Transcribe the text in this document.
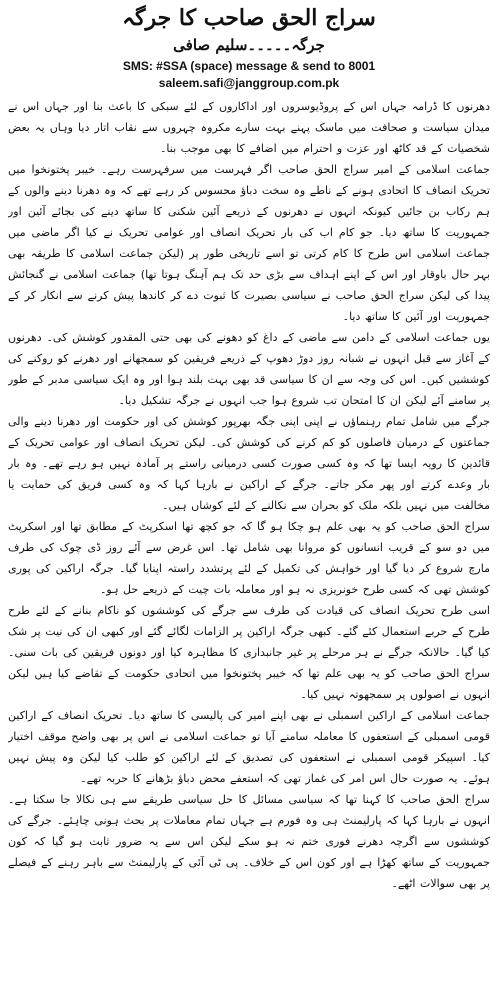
سراج الحق صاحب کا جرگہ
جرگہ۔۔۔۔۔سلیم صافی
SMS: #SSA (space) message & send to 8001
saleem.safi@janggroup.com.pk

دھرنوں کا ڈرامہ جہاں اس کے پروڈیوسروں اور اداکاروں کے لئے سبکی کا باعث بنا اور جہاں اس نے میدان سیاست و صحافت میں ماسک پہنے بہت سارے مکروہ چہروں سے نقاب اتار دیا وہاں یہ بعض شخصیات کے قد کاٹھ اور عزت و احترام میں اضافے کا بھی موجب بنا۔

جماعت اسلامی کے امیر سراج الحق صاحب اگر فہرست میں سرفہرست رہے۔ خیبر پختونخوا میں تحریک انصاف کا اتحادی ہونے کے ناطے وہ سخت دباؤ محسوس کر رہے تھے کہ وہ دھرنا دینے والوں کے ہم رکاب بن جائیں کیونکہ انہوں نے دھرنوں کے ذریعے آئین شکنی کا ساتھ دینے کی بجائے آئین اور جمہوریت کا ساتھ دیا۔ جو کام اب کی بار تحریک انصاف اور عوامی تحریک نے کیا اگر ماضی میں جماعت اسلامی اس طرح کا کام کرتی تو اسے تاریخی طور پر (لیکن جماعت اسلامی کا طریقہ بھی بہر حال باوقار اور اس کے اپنے اہداف سے بڑی حد تک ہم آہنگ ہوتا تھا) جماعت اسلامی نے گنجائش پیدا کی لیکن سراج الحق صاحب نے سیاسی بصیرت کا ثبوت دے کر کاندھا پیش کرنے سے انکار کر کے جمہوریت اور آئین کا ساتھ دیا۔

یوں جماعت اسلامی کے دامن سے ماضی کے داغ کو دھونے کی بھی حتی المقدور کوشش کی۔ دھرنوں کے آغاز سے قبل انہوں نے شبانہ روز دوڑ دھوپ کے ذریعے فریقین کو سمجھانے اور دھرنے کو روکنے کی کوششیں کیں۔ اس کی وجہ سے ان کا سیاسی قد بھی بہت بلند ہوا اور وہ ایک سیاسی مدبر کے طور پر سامنے آئے لیکن ان کا امتحان تب شروع ہوا جب انہوں نے جرگہ تشکیل دیا۔

جرگے میں شامل تمام رہنماؤں نے اپنی اپنی جگہ بھرپور کوشش کی اور حکومت اور دھرنا دینے والی جماعتوں کے درمیان فاصلوں کو کم کرنے کی کوشش کی۔ لیکن تحریک انصاف اور عوامی تحریک کے قائدین کا رویہ ایسا تھا کہ وہ کسی صورت کسی درمیانی راستے پر آمادہ نہیں ہو رہے تھے۔ وہ بار بار وعدے کرتے اور پھر مکر جاتے۔ جرگے کے اراکین نے بارہا کہا کہ وہ کسی فریق کی حمایت یا مخالفت میں نہیں بلکہ ملک کو بحران سے نکالنے کے لئے کوشاں ہیں۔

سراج الحق صاحب کو یہ بھی علم ہو چکا ہو گا کہ جو کچھ تھا اسکرپٹ کے مطابق تھا اور اسکرپٹ میں دو سو کے قریب انسانوں کو مروانا بھی شامل تھا۔ اس غرض سے آئے روز ڈی چوک کی طرف مارچ شروع کر دیا گیا اور خواہش کی تکمیل کے لئے پرتشدد راستہ اپنایا گیا۔ جرگہ اراکین کی پوری کوشش تھی کہ کسی طرح خونریزی نہ ہو اور معاملہ بات چیت کے ذریعے حل ہو۔

اسی طرح تحریک انصاف کی قیادت کی طرف سے جرگے کی کوششوں کو ناکام بنانے کے لئے طرح طرح کے حربے استعمال کئے گئے۔ کبھی جرگہ اراکین پر الزامات لگائے گئے اور کبھی ان کی نیت پر شک کیا گیا۔ حالانکہ جرگے نے ہر مرحلے پر غیر جانبداری کا مظاہرہ کیا اور دونوں فریقین کی بات سنی۔ سراج الحق صاحب کو یہ بھی علم تھا کہ خیبر پختونخوا میں اتحادی حکومت کے تقاضے کیا ہیں لیکن انہوں نے اصولوں پر سمجھوتہ نہیں کیا۔

جماعت اسلامی کے اراکین اسمبلی نے بھی اپنے امیر کی پالیسی کا ساتھ دیا۔ تحریک انصاف کے اراکین قومی اسمبلی کے استعفوں کا معاملہ سامنے آیا تو جماعت اسلامی نے اس پر بھی واضح موقف اختیار کیا۔ اسپیکر قومی اسمبلی نے استعفوں کی تصدیق کے لئے اراکین کو طلب کیا لیکن وہ پیش نہیں ہوئے۔ یہ صورت حال اس امر کی غماز تھی کہ استعفے محض دباؤ بڑھانے کا حربہ تھے۔

سراج الحق صاحب کا کہنا تھا کہ سیاسی مسائل کا حل سیاسی طریقے سے ہی نکالا جا سکتا ہے۔ انہوں نے بارہا کہا کہ پارلیمنٹ ہی وہ فورم ہے جہاں تمام معاملات پر بحث ہونی چاہئے۔ جرگے کی کوششوں سے اگرچہ دھرنے فوری ختم نہ ہو سکے لیکن اس سے یہ ضرور ثابت ہو گیا کہ کون جمہوریت کے ساتھ کھڑا ہے اور کون اس کے خلاف۔ پی ٹی آئی کے پارلیمنٹ سے باہر رہنے کے فیصلے پر بھی سوالات اٹھے۔
